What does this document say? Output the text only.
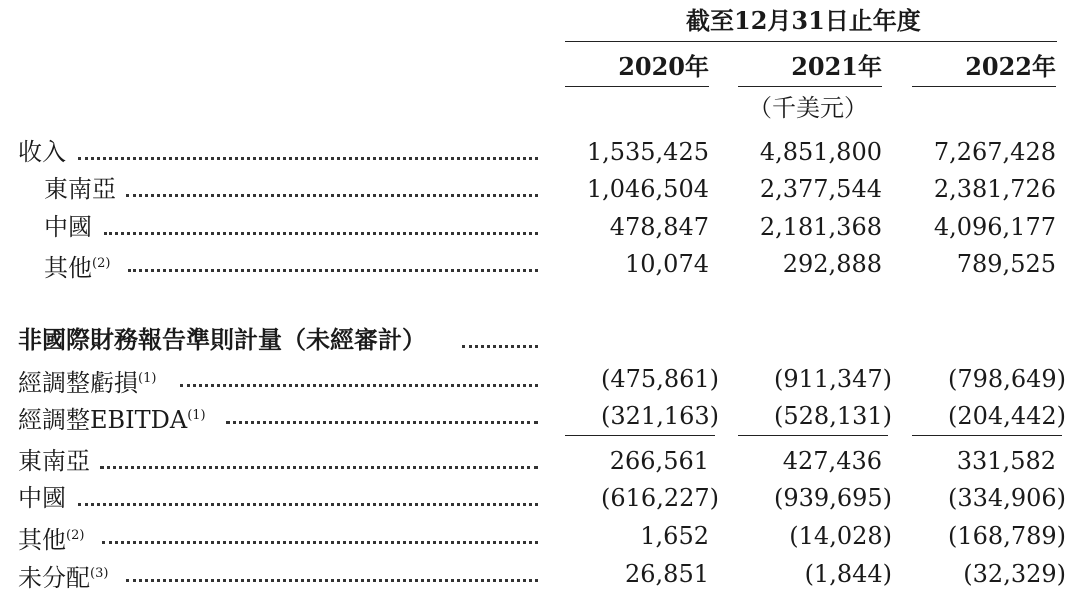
截至12月31日止年度
2020年	2021年	2022年
（千美元）
收入	1,535,425	4,851,800	7,267,428
東南亞	1,046,504	2,377,544	2,381,726
中國	478,847	2,181,368	4,096,177
其他$^{(2)}$	10,074	292,888	789,525
非國際財務報告準則計量（未經審計）
經調整虧損$^{(1)}$	(475,861)	(911,347)	(798,649)
經調整EBITDA$^{(1)}$	(321,163)	(528,131)	(204,442)
東南亞	266,561	427,436	331,582
中國	(616,227)	(939,695)	(334,906)
其他$^{(2)}$	1,652	(14,028)	(168,789)
未分配$^{(3)}$	26,851	(1,844)	(32,329)
